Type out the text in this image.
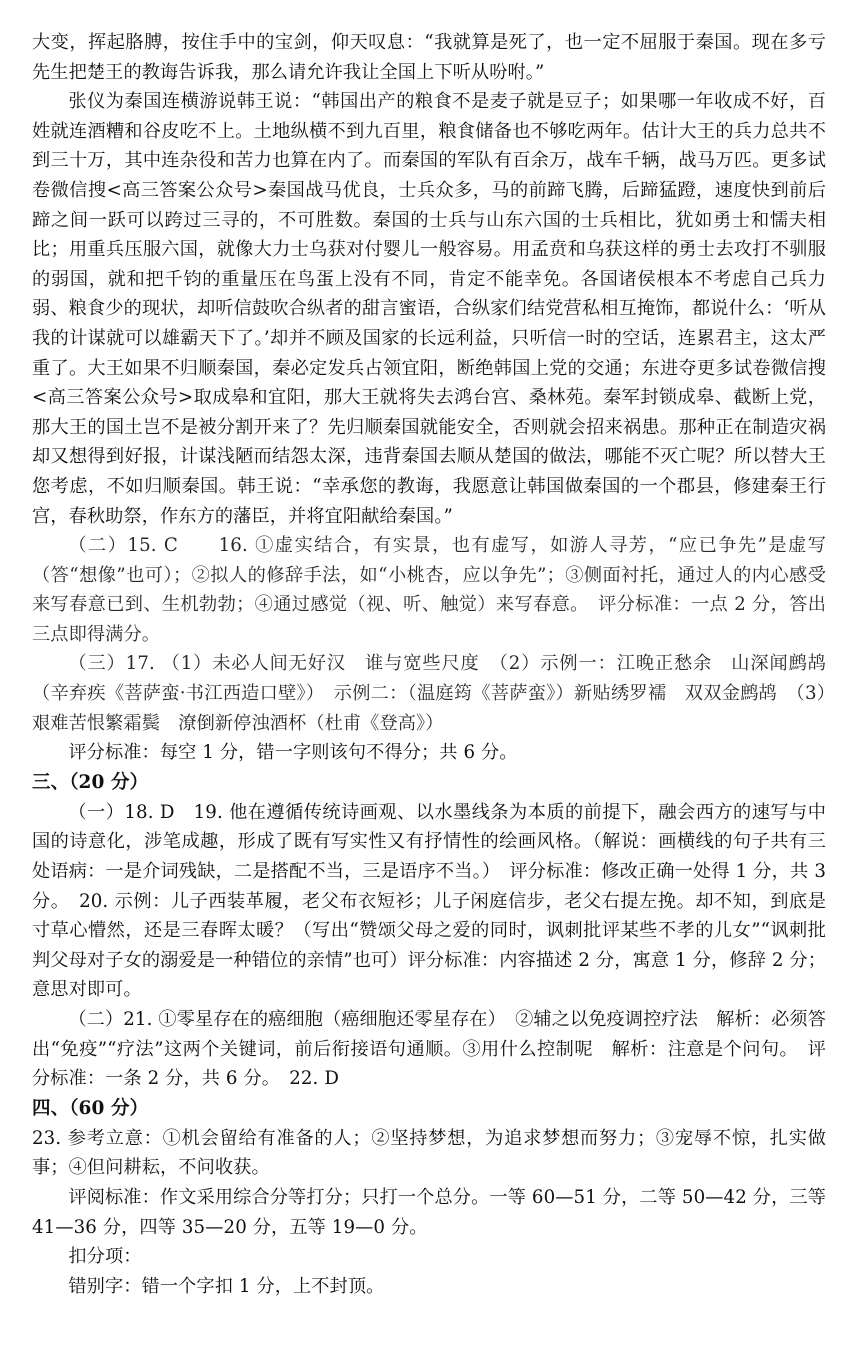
大变，挥起胳膊，按住手中的宝剑，仰天叹息：“我就算是死了，也一定不屈服于秦国。现在多亏先生把楚王的教诲告诉我，那么请允许我让全国上下听从吩咐。”

张仪为秦国连横游说韩王说：“韩国出产的粮食不是麦子就是豆子；如果哪一年收成不好，百姓就连酒糟和谷皮吃不上。土地纵横不到九百里，粮食储备也不够吃两年。估计大王的兵力总共不到三十万，其中连杂役和苦力也算在内了。而秦国的军队有百余万，战车千辆，战马万匹。更多试卷微信搜<高三答案公众号>秦国战马优良，士兵众多，马的前蹄飞腾，后蹄猛蹬，速度快到前后蹄之间一跃可以跨过三寻的，不可胜数。秦国的士兵与山东六国的士兵相比，犹如勇士和懦夫相比；用重兵压服六国，就像大力士乌获对付婴儿一般容易。用孟贲和乌获这样的勇士去攻打不驯服的弱国，就和把千钧的重量压在鸟蛋上没有不同，肯定不能幸免。各国诸侯根本不考虑自己兵力弱、粮食少的现状，却听信鼓吹合纵者的甜言蜜语，合纵家们结党营私相互掩饰，都说什么：‘听从我的计谋就可以雄霸天下了。’却并不顾及国家的长远利益，只听信一时的空话，连累君主，这太严重了。大王如果不归顺秦国，秦必定发兵占领宜阳，断绝韩国上党的交通；东进夺更多试卷微信搜<高三答案公众号>取成皋和宜阳，那大王就将失去鸿台宫、桑林苑。秦军封锁成皋、截断上党，那大王的国土岂不是被分割开来了？先归顺秦国就能安全，否则就会招来祸患。那种正在制造灾祸却又想得到好报，计谋浅陋而结怨太深，违背秦国去顺从楚国的做法，哪能不灭亡呢？所以替大王您考虑，不如归顺秦国。韩王说：“幸承您的教诲，我愿意让韩国做秦国的一个郡县，修建秦王行宫，春秋助祭，作东方的藩臣，并将宜阳献给秦国。”

（二）15. C　　16. ①虚实结合，有实景，也有虚写，如游人寻芳，“应已争先”是虚写（答“想像”也可）；②拟人的修辞手法，如“小桃杏，应以争先”；③侧面衬托，通过人的内心感受来写春意已到、生机勃勃；④通过感觉（视、听、触觉）来写春意。　评分标准：一点 2 分，答出三点即得满分。

（三）17. （1）未必人间无好汉　谁与宽些尺度　（2）示例一：江晚正愁余　山深闻鹧鸪（辛弃疾《菩萨蛮·书江西造口壁》）　示例二：（温庭筠《菩萨蛮》）新贴绣罗襦　双双金鹧鸪　（3）艰难苦恨繁霜鬓　潦倒新停浊酒杯（杜甫《登高》）

评分标准：每空 1 分，错一字则该句不得分；共 6 分。

三、（20 分）

（一）18. D　19. 他在遵循传统诗画观、以水墨线条为本质的前提下，融会西方的速写与中国的诗意化，涉笔成趣，形成了既有写实性又有抒情性的绘画风格。（解说：画横线的句子共有三处语病：一是介词残缺，二是搭配不当，三是语序不当。）　评分标准：修改正确一处得 1 分，共 3 分。　20. 示例：儿子西装革履，老父布衣短衫；儿子闲庭信步，老父右提左挽。却不知，到底是寸草心懵然，还是三春晖太暖？（写出“赞颂父母之爱的同时，讽刺批评某些不孝的儿女”“讽刺批判父母对子女的溺爱是一种错位的亲情”也可）评分标准：内容描述 2 分，寓意 1 分，修辞 2 分；意思对即可。

（二）21. ①零星存在的癌细胞（癌细胞还零星存在）　②辅之以免疫调控疗法　解析：必须答出“免疫”“疗法”这两个关键词，前后衔接语句通顺。③用什么控制呢　解析：注意是个问句。　评分标准：一条 2 分，共 6 分。　22. D

四、（60 分）

23. 参考立意：①机会留给有准备的人；②坚持梦想，为追求梦想而努力；③宠辱不惊，扎实做事；④但问耕耘，不问收获。

评阅标准：作文采用综合分等打分；只打一个总分。一等 60—51 分，二等 50—42 分，三等 41—36 分，四等 35—20 分，五等 19—0 分。

扣分项：

错别字：错一个字扣 1 分，上不封顶。
